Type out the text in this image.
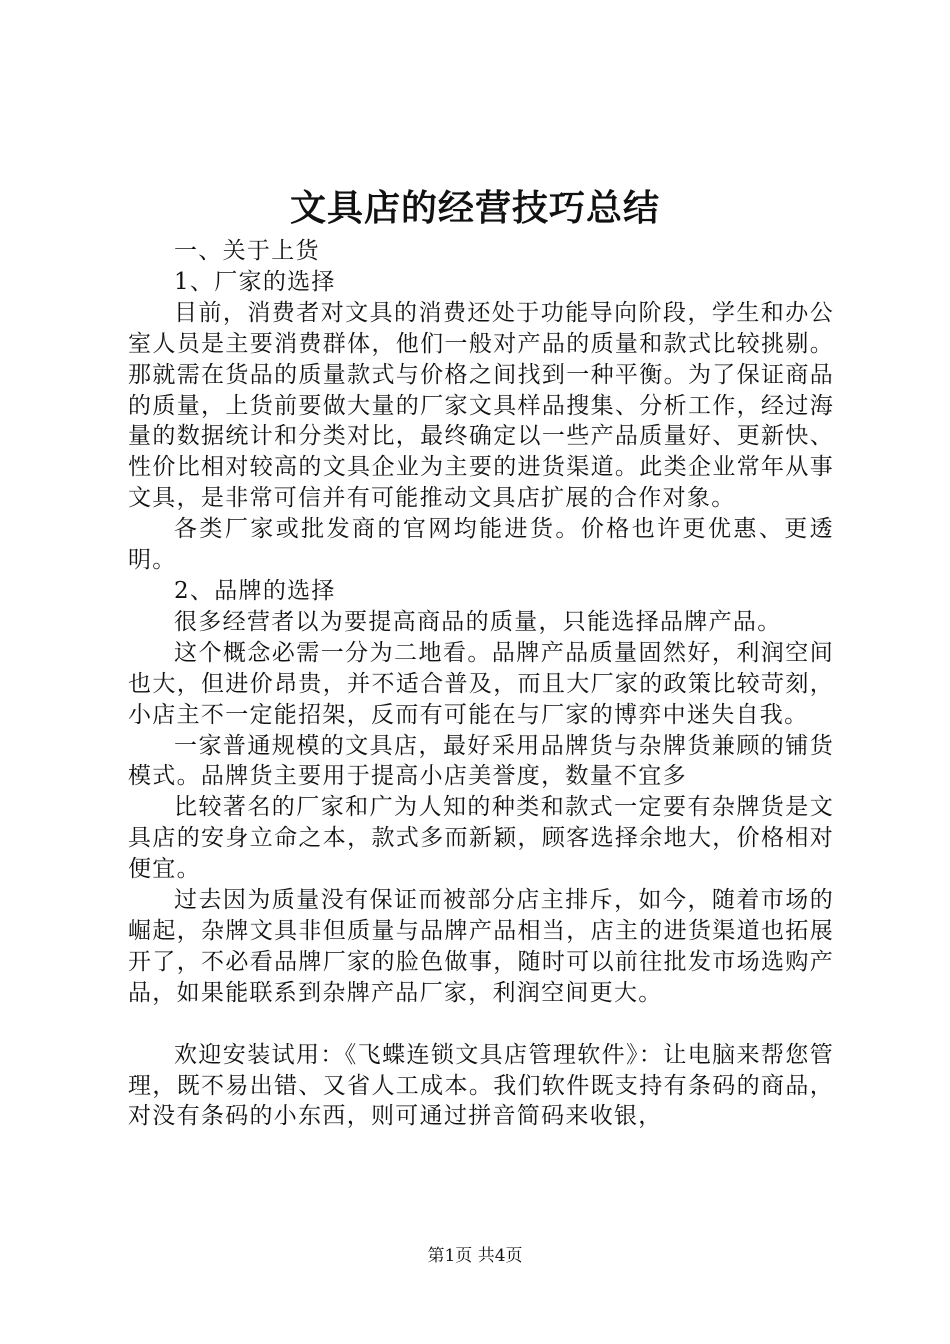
文具店的经营技巧总结

一、关于上货

1、厂家的选择

目前，消费者对文具的消费还处于功能导向阶段，学生和办公室人员是主要消费群体，他们一般对产品的质量和款式比较挑剔。那就需在货品的质量款式与价格之间找到一种平衡。为了保证商品的质量，上货前要做大量的厂家文具样品搜集、分析工作，经过海量的数据统计和分类对比，最终确定以一些产品质量好、更新快、性价比相对较高的文具企业为主要的进货渠道。此类企业常年从事文具，是非常可信并有可能推动文具店扩展的合作对象。

各类厂家或批发商的官网均能进货。价格也许更优惠、更透明。

2、品牌的选择

很多经营者以为要提高商品的质量，只能选择品牌产品。

这个概念必需一分为二地看。品牌产品质量固然好，利润空间也大，但进价昂贵，并不适合普及，而且大厂家的政策比较苛刻，小店主不一定能招架，反而有可能在与厂家的博弈中迷失自我。

一家普通规模的文具店，最好采用品牌货与杂牌货兼顾的铺货模式。品牌货主要用于提高小店美誉度，数量不宜多

比较著名的厂家和广为人知的种类和款式一定要有杂牌货是文具店的安身立命之本，款式多而新颖，顾客选择余地大，价格相对便宜。

过去因为质量没有保证而被部分店主排斥，如今，随着市场的崛起，杂牌文具非但质量与品牌产品相当，店主的进货渠道也拓展开了，不必看品牌厂家的脸色做事，随时可以前往批发市场选购产品，如果能联系到杂牌产品厂家，利润空间更大。

欢迎安装试用：《飞蝶连锁文具店管理软件》：让电脑来帮您管理，既不易出错、又省人工成本。我们软件既支持有条码的商品，对没有条码的小东西，则可通过拼音简码来收银，

第1页 共4页
